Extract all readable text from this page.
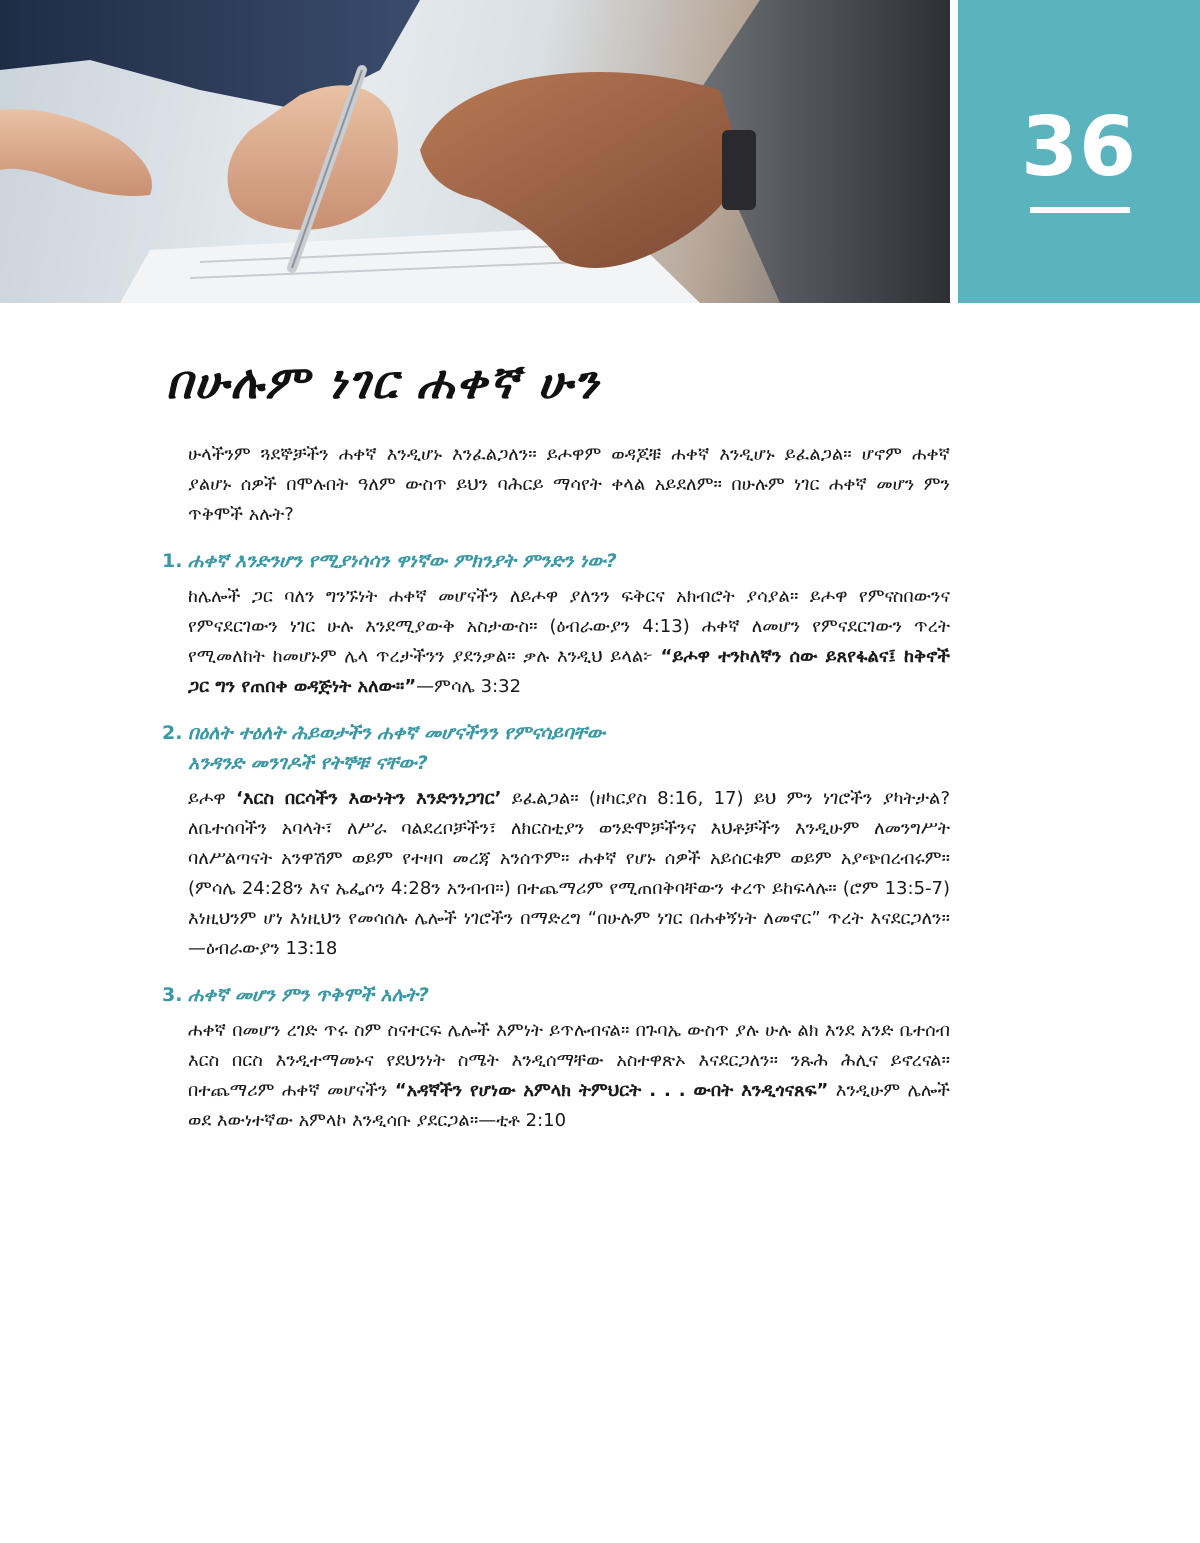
36
በሁሉም ነገር ሐቀኛ ሁን

ሁላችንም ጓደኞቻችን ሐቀኛ እንዲሆኑ እንፈልጋለን። ይሖዋም ወዳጆቹ ሐቀኛ እንዲሆኑ ይፈልጋል። ሆኖም ሐቀኛ ያልሆኑ ሰዎች በሞሉበት ዓለም ውስጥ ይህን ባሕርይ ማሳየት ቀላል አይደለም። በሁሉም ነገር ሐቀኛ መሆን ምን ጥቅሞች አሉት?

1. ሐቀኛ እንድንሆን የሚያነሳሳን ዋነኛው ምክንያት ምንድን ነው?

ከሌሎች ጋር ባለን ግንኙነት ሐቀኛ መሆናችን ለይሖዋ ያለንን ፍቅርና አክብሮት ያሳያል። ይሖዋ የምናስበውንና የምናደርገውን ነገር ሁሉ እንደሚያውቅ አስታውስ። (ዕብራውያን 4:13) ሐቀኛ ለመሆን የምናደርገውን ጥረት የሚመለከት ከመሆኑም ሌላ ጥረታችንን ያደንቃል። ቃሉ እንዲህ ይላል፦ “ይሖዋ ተንኮለኛን ሰው ይጸየፋልና፤ ከቅኖች ጋር ግን የጠበቀ ወዳጅነት አለው።”—ምሳሌ 3:32

2. በዕለት ተዕለት ሕይወታችን ሐቀኛ መሆናችንን የምናሳይባቸው
አንዳንድ መንገዶች የትኞቹ ናቸው?

ይሖዋ ‘እርስ በርሳችን እውነትን እንድንነጋገር’ ይፈልጋል። (ዘካርያስ 8:16, 17) ይህ ምን ነገሮችን ያካትታል? ለቤተሰባችን አባላት፣ ለሥራ ባልደረቦቻችን፣ ለክርስቲያን ወንድሞቻችንና እህቶቻችን እንዲሁም ለመንግሥት ባለሥልጣናት አንዋሽም ወይም የተዛባ መረጃ አንሰጥም። ሐቀኛ የሆኑ ሰዎች አይሰርቁም ወይም አያጭበረብሩም። (ምሳሌ 24:28ን እና ኤፌሶን 4:28ን አንብብ።) በተጨማሪም የሚጠበቅባቸውን ቀረጥ ይከፍላሉ። (ሮም 13:5-7) እነዚህንም ሆነ እነዚህን የመሳሰሉ ሌሎች ነገሮችን በማድረግ “በሁሉም ነገር በሐቀኝነት ለመኖር” ጥረት እናደርጋለን።—ዕብራውያን 13:18

3. ሐቀኛ መሆን ምን ጥቅሞች አሉት?

ሐቀኛ በመሆን ረገድ ጥሩ ስም ስናተርፍ ሌሎች እምነት ይጥሉብናል። በጉባኤ ውስጥ ያሉ ሁሉ ልክ እንደ አንድ ቤተሰብ እርስ በርስ እንዲተማመኑና የደህንነት ስሜት እንዲሰማቸው አስተዋጽኦ እናደርጋለን። ንጹሕ ሕሊና ይኖረናል። በተጨማሪም ሐቀኛ መሆናችን “አዳኛችን የሆነው አምላክ ትምህርት . . . ውበት እንዲጎናጸፍ” እንዲሁም ሌሎች ወደ እውነተኛው አምላኮ እንዲሳቡ ያደርጋል።—ቲቶ 2:10
